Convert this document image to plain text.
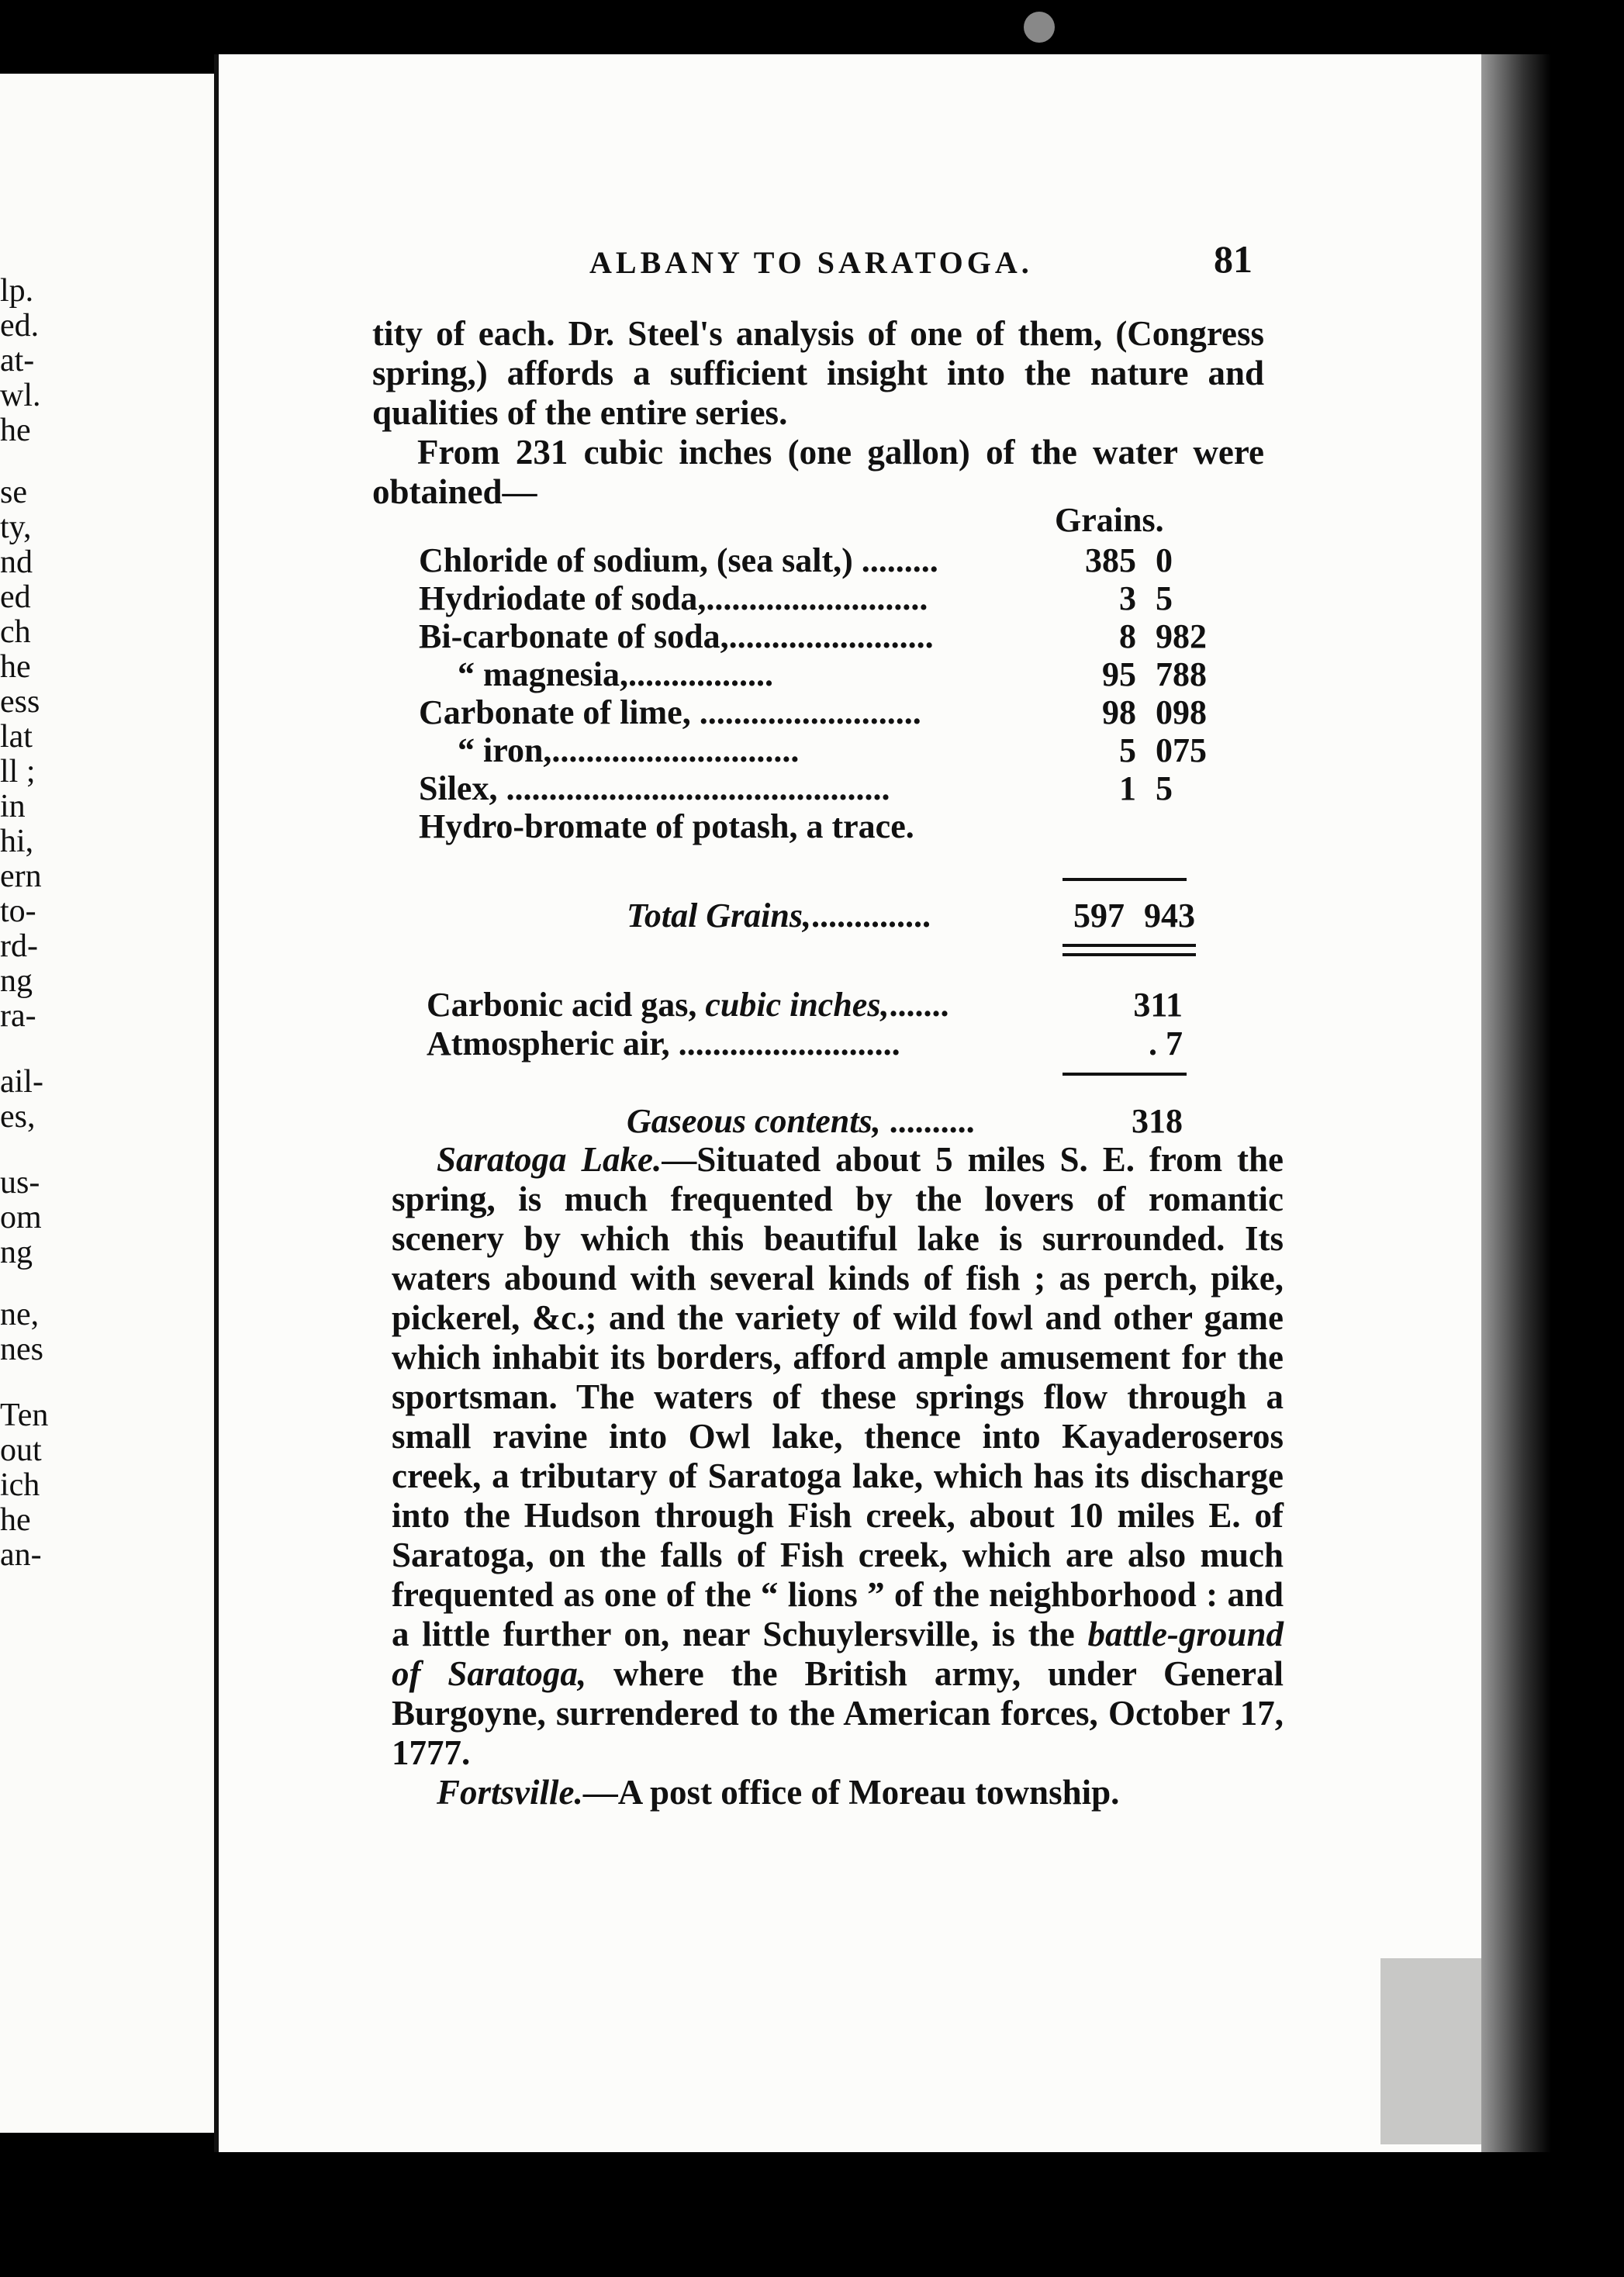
lp.
ed.
at-
wl.
he
se
ty,
nd
ed
ch
he
ess
lat
ll ;
in
hi,
ern
to-
rd-
ng
ra-
ail-
es,
us-
om
ng
ne,
nes
Ten
out
ich
he
an-
ALBANY TO SARATOGA.	81

tity of each. Dr. Steel's analysis of one of them, (Congress spring,) affords a sufficient insight into the nature and qualities of the entire series.

From 231 cubic inches (one gallon) of the water were obtained—

Grains.
Chloride of sodium, (sea salt,) .........	385 0
Hydriodate of soda,..........................	3 5
Bi-carbonate of soda,........................	8 982
“ magnesia,.................	95 788
Carbonate of lime, ..........................	98 098
“ iron,.............................	5 075
Silex, .............................................	1 5
Hydro-bromate of potash, a trace.
Total Grains,..............	597 943
Carbonic acid gas, cubic inches,.......	311
Atmospheric air, ..........................	. 7
Gaseous contents, ..........	318

Saratoga Lake.—Situated about 5 miles S. E. from the spring, is much frequented by the lovers of romantic scenery by which this beautiful lake is surrounded. Its waters abound with several kinds of fish ; as perch, pike, pickerel, &c.; and the variety of wild fowl and other game which inhabit its borders, afford ample amusement for the sportsman. The waters of these springs flow through a small ravine into Owl lake, thence into Kayaderoseros creek, a tributary of Saratoga lake, which has its discharge into the Hudson through Fish creek, about 10 miles E. of Saratoga, on the falls of Fish creek, which are also much frequented as one of the “ lions ” of the neighborhood : and a little further on, near Schuylersville, is the battle-ground of Saratoga, where the British army, under General Burgoyne, surrendered to the American forces, October 17, 1777.

Fortsville.—A post office of Moreau township.
